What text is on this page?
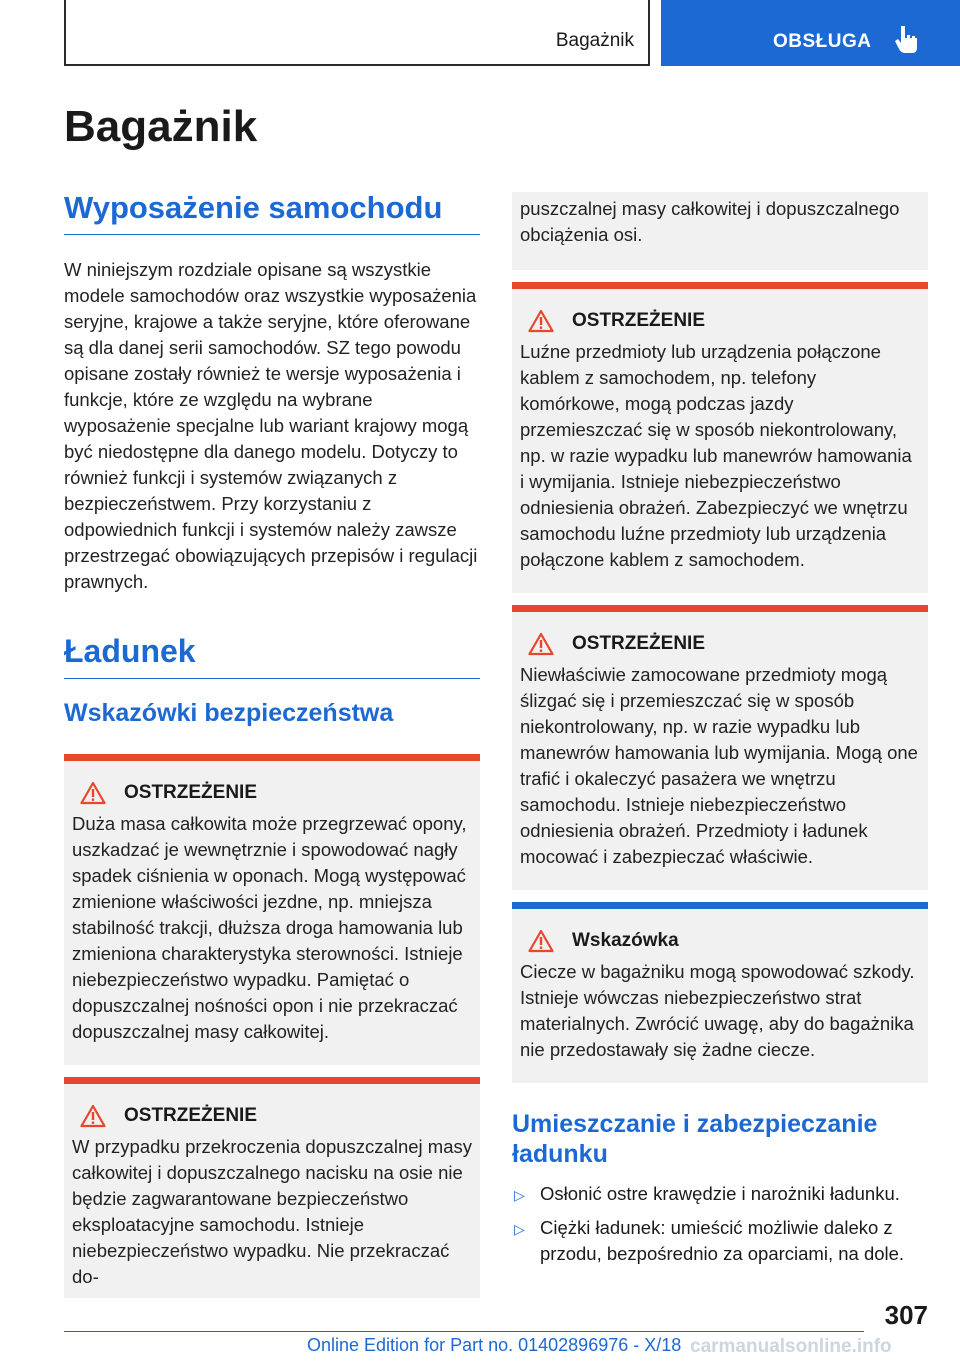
Bagażnik	OBSŁUGA
Bagażnik
Wyposażenie samochodu

W niniejszym rozdziale opisane są wszystkie modele samochodów oraz wszystkie wyposażenia seryjne, krajowe a także seryjne, które oferowane są dla danej serii samochodów. SZ tego powodu opisane zostały również te wersje wyposażenia i funkcje, które ze względu na wybrane wyposażenie specjalne lub wariant krajowy mogą być niedostępne dla danego modelu. Dotyczy to również funkcji i systemów związanych z bezpieczeństwem. Przy korzystaniu z odpowiednich funkcji i systemów należy zawsze przestrzegać obowiązujących przepisów i regulacji prawnych.

Ładunek
Wskazówki bezpieczeństwa
OSTRZEŻENIE

Duża masa całkowita może przegrzewać opony, uszkadzać je wewnętrznie i spowodować nagły spadek ciśnienia w oponach. Mogą występować zmienione właściwości jezdne, np. mniejsza stabilność trakcji, dłuższa droga hamowania lub zmieniona charakterystyka sterowności. Istnieje niebezpieczeństwo wypadku. Pamiętać o dopuszczalnej nośności opon i nie przekraczać dopuszczalnej masy całkowitej.

OSTRZEŻENIE

W przypadku przekroczenia dopuszczalnej masy całkowitej i dopuszczalnego nacisku na osie nie będzie zagwarantowane bezpieczeństwo eksploatacyjne samochodu. Istnieje niebezpieczeństwo wypadku. Nie przekraczać do-

puszczalnej masy całkowitej i dopuszczalnego obciążenia osi.

OSTRZEŻENIE

Luźne przedmioty lub urządzenia połączone kablem z samochodem, np. telefony komórkowe, mogą podczas jazdy przemieszczać się w sposób niekontrolowany, np. w razie wypadku lub manewrów hamowania i wymijania. Istnieje niebezpieczeństwo odniesienia obrażeń. Zabezpieczyć we wnętrzu samochodu luźne przedmioty lub urządzenia połączone kablem z samochodem.

OSTRZEŻENIE

Niewłaściwie zamocowane przedmioty mogą ślizgać się i przemieszczać się w sposób niekontrolowany, np. w razie wypadku lub manewrów hamowania lub wymijania. Mogą one trafić i okaleczyć pasażera we wnętrzu samochodu. Istnieje niebezpieczeństwo odniesienia obrażeń. Przedmioty i ładunek mocować i zabezpieczać właściwie.

Wskazówka

Ciecze w bagażniku mogą spowodować szkody. Istnieje wówczas niebezpieczeństwo strat materialnych. Zwrócić uwagę, aby do bagażnika nie przedostawały się żadne ciecze.

Umieszczanie i zabezpieczanie ładunku
▷ Osłonić ostre krawędzie i narożniki ładunku.
▷ Ciężki ładunek: umieścić możliwie daleko z przodu, bezpośrednio za oparciami, na dole.
307
Online Edition for Part no. 01402896976 - X/18 carmanualsonline.info
